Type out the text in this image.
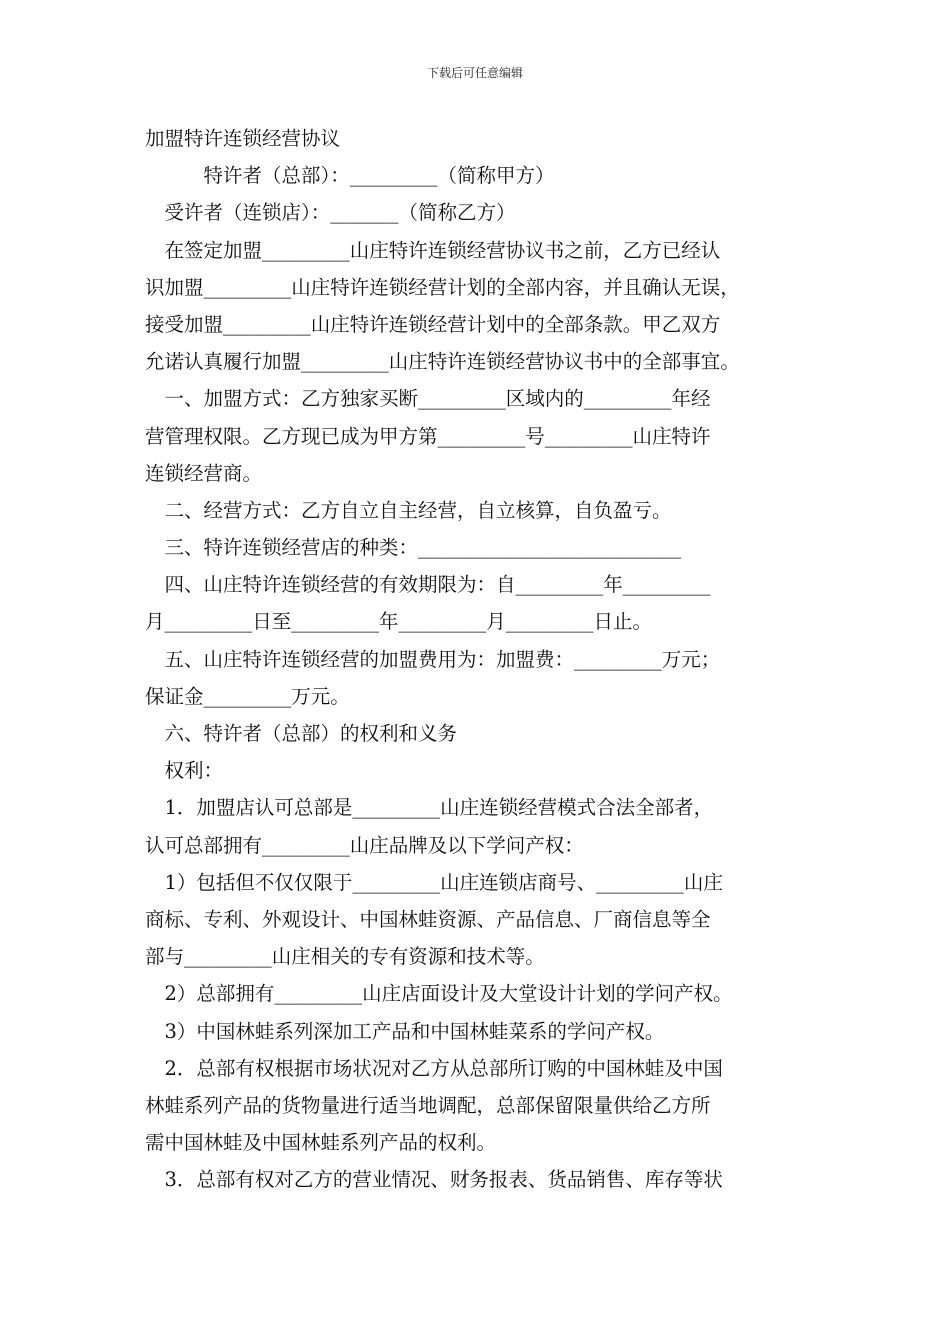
下载后可任意编辑
加盟特许连锁经营协议
　　　特许者（总部）：_________（简称甲方）
　受许者（连锁店）：_______（简称乙方）
　在签定加盟_________山庄特许连锁经营协议书之前，乙方已经认
识加盟_________山庄特许连锁经营计划的全部内容，并且确认无误，
接受加盟_________山庄特许连锁经营计划中的全部条款。甲乙双方
允诺认真履行加盟_________山庄特许连锁经营协议书中的全部事宜。
　一、加盟方式：乙方独家买断_________区域内的_________年经
营管理权限。乙方现已成为甲方第_________号_________山庄特许
连锁经营商。
　二、经营方式：乙方自立自主经营，自立核算，自负盈亏。
　三、特许连锁经营店的种类：___________________________
　四、山庄特许连锁经营的有效期限为：自_________年_________
月_________日至_________年_________月_________日止。
　五、山庄特许连锁经营的加盟费用为：加盟费：_________万元；
保证金_________万元。
　六、特许者（总部）的权利和义务
　权利：
　1．加盟店认可总部是_________山庄连锁经营模式合法全部者，
认可总部拥有_________山庄品牌及以下学问产权：
　1）包括但不仅仅限于_________山庄连锁店商号、_________山庄
商标、专利、外观设计、中国林蛙资源、产品信息、厂商信息等全
部与_________山庄相关的专有资源和技术等。
　2）总部拥有_________山庄店面设计及大堂设计计划的学问产权。
　3）中国林蛙系列深加工产品和中国林蛙菜系的学问产权。
　2．总部有权根据市场状况对乙方从总部所订购的中国林蛙及中国
林蛙系列产品的货物量进行适当地调配，总部保留限量供给乙方所
需中国林蛙及中国林蛙系列产品的权利。
　3．总部有权对乙方的营业情况、财务报表、货品销售、库存等状
